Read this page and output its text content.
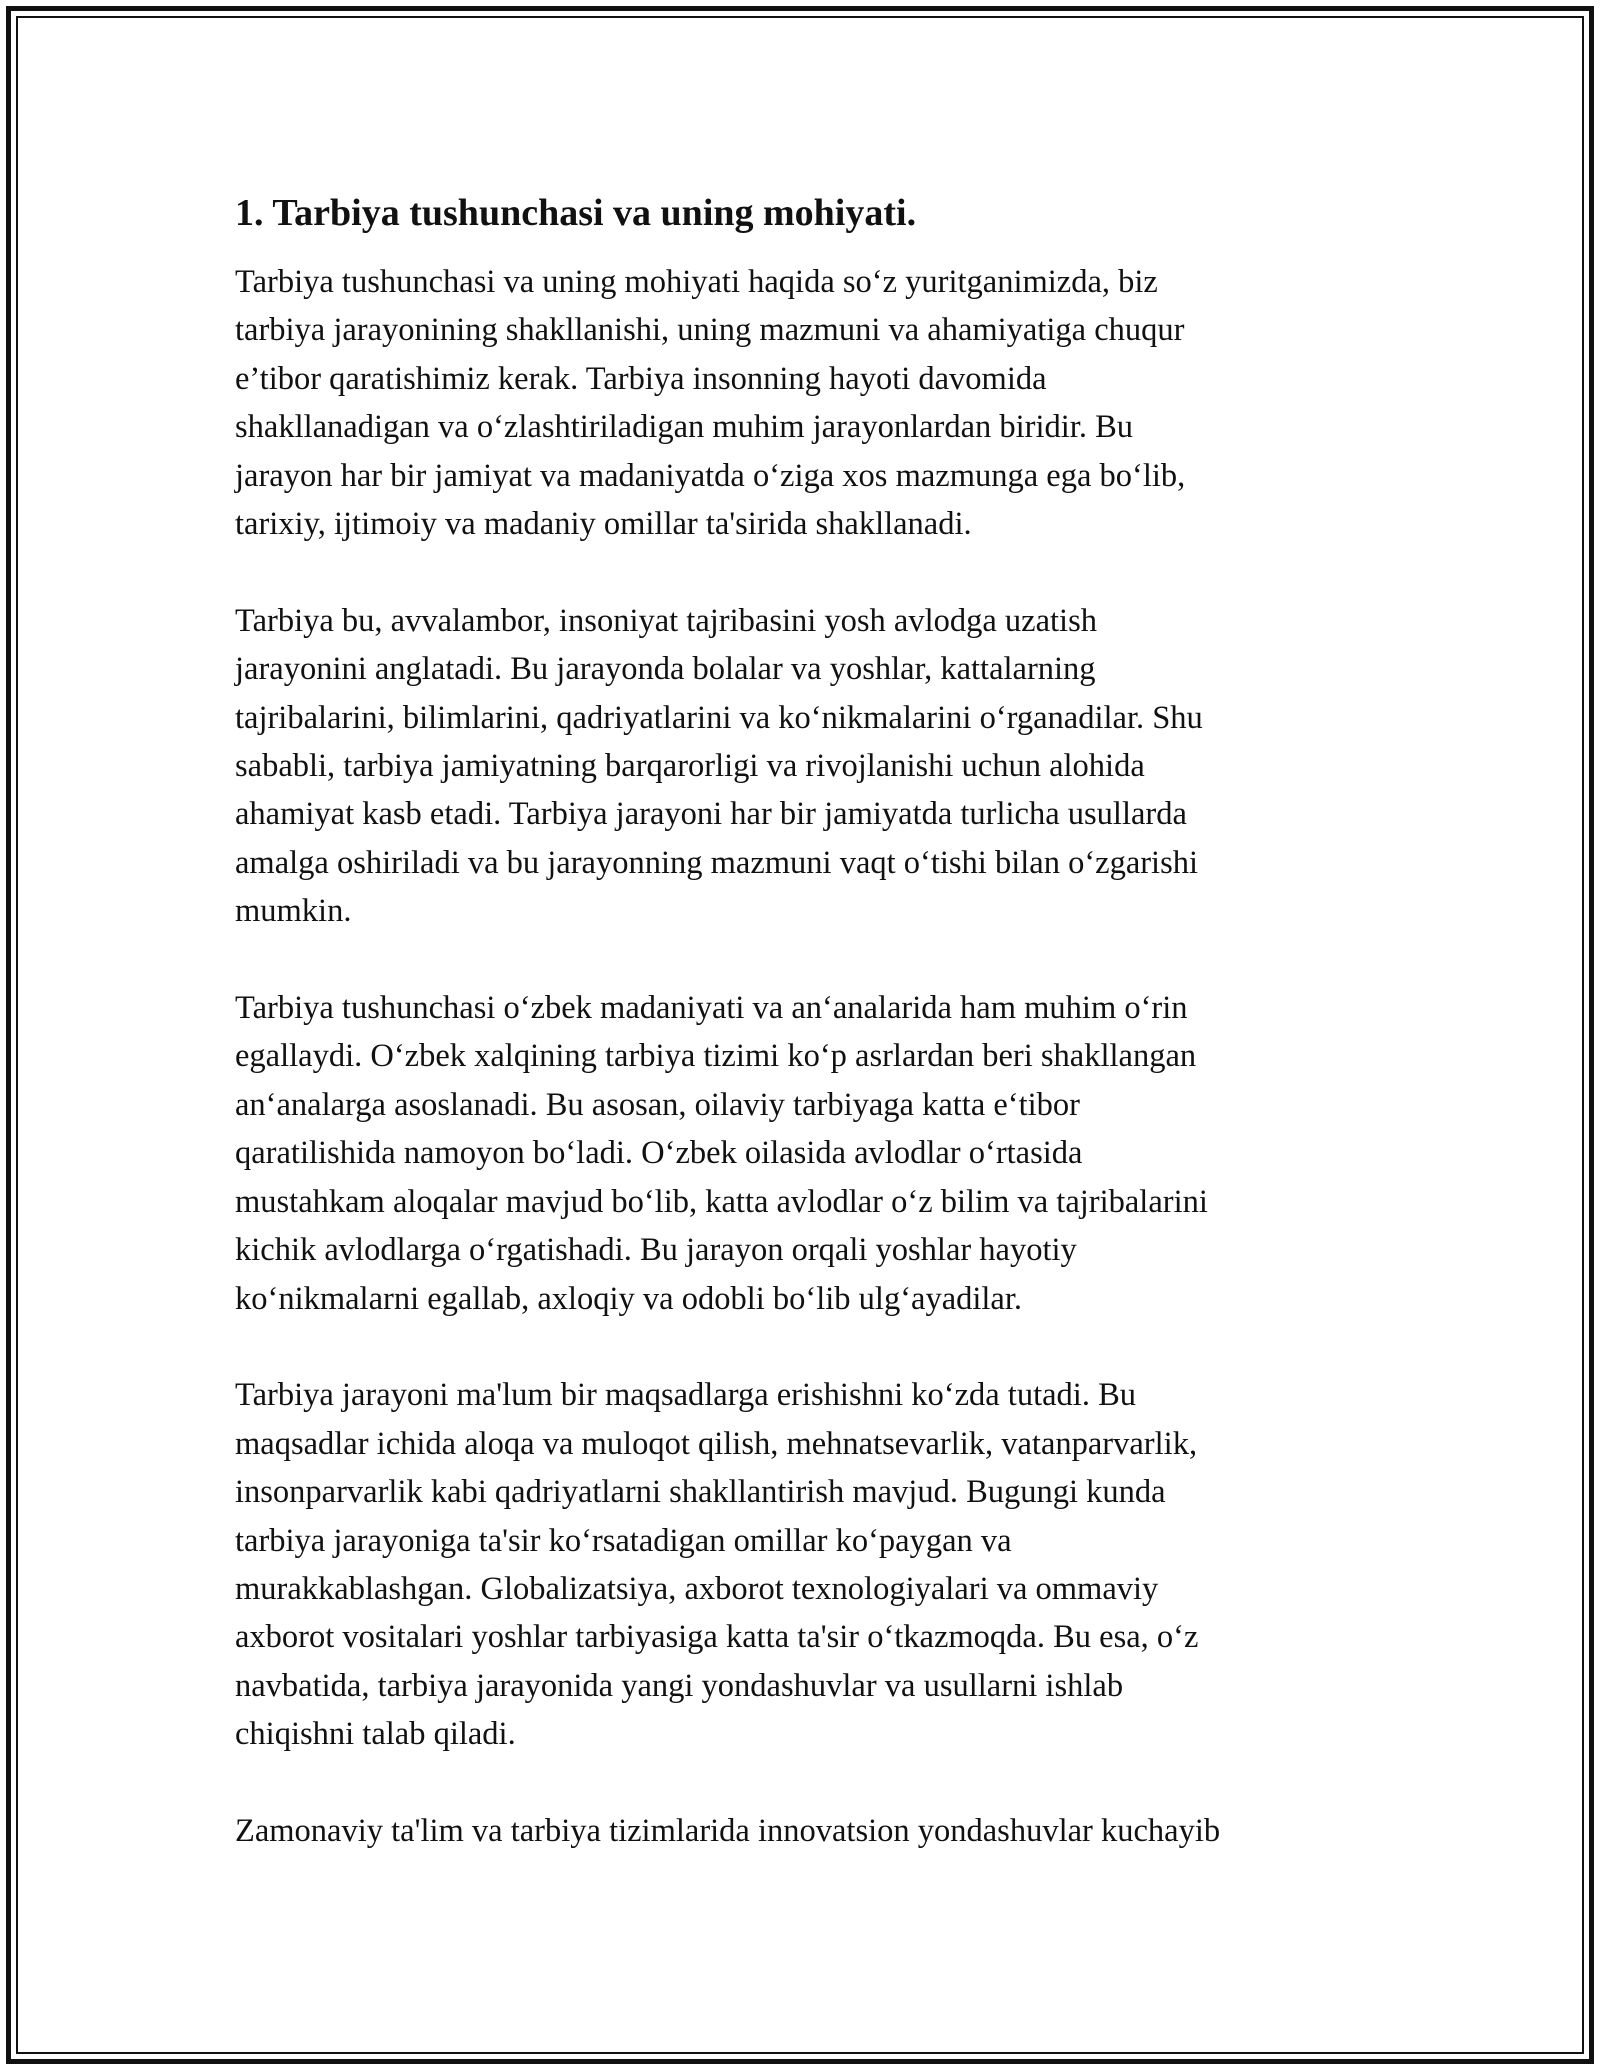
1. Tarbiya tushunchasi va uning mohiyati.

Tarbiya tushunchasi va uning mohiyati haqida so‘z yuritganimizda, biz
tarbiya jarayonining shakllanishi, uning mazmuni va ahamiyatiga chuqur
e’tibor qaratishimiz kerak. Tarbiya insonning hayoti davomida
shakllanadigan va o‘zlashtiriladigan muhim jarayonlardan biridir. Bu
jarayon har bir jamiyat va madaniyatda o‘ziga xos mazmunga ega bo‘lib,
tarixiy, ijtimoiy va madaniy omillar ta'sirida shakllanadi.

Tarbiya bu, avvalambor, insoniyat tajribasini yosh avlodga uzatish
jarayonini anglatadi. Bu jarayonda bolalar va yoshlar, kattalarning
tajribalarini, bilimlarini, qadriyatlarini va ko‘nikmalarini o‘rganadilar. Shu
sababli, tarbiya jamiyatning barqarorligi va rivojlanishi uchun alohida
ahamiyat kasb etadi. Tarbiya jarayoni har bir jamiyatda turlicha usullarda
amalga oshiriladi va bu jarayonning mazmuni vaqt o‘tishi bilan o‘zgarishi
mumkin.

Tarbiya tushunchasi o‘zbek madaniyati va an‘analarida ham muhim o‘rin
egallaydi. O‘zbek xalqining tarbiya tizimi ko‘p asrlardan beri shakllangan
an‘analarga asoslanadi. Bu asosan, oilaviy tarbiyaga katta e‘tibor
qaratilishida namoyon bo‘ladi. O‘zbek oilasida avlodlar o‘rtasida
mustahkam aloqalar mavjud bo‘lib, katta avlodlar o‘z bilim va tajribalarini
kichik avlodlarga o‘rgatishadi. Bu jarayon orqali yoshlar hayotiy
ko‘nikmalarni egallab, axloqiy va odobli bo‘lib ulg‘ayadilar.

Tarbiya jarayoni ma'lum bir maqsadlarga erishishni ko‘zda tutadi. Bu
maqsadlar ichida aloqa va muloqot qilish, mehnatsevarlik, vatanparvarlik,
insonparvarlik kabi qadriyatlarni shakllantirish mavjud. Bugungi kunda
tarbiya jarayoniga ta'sir ko‘rsatadigan omillar ko‘paygan va
murakkablashgan. Globalizatsiya, axborot texnologiyalari va ommaviy
axborot vositalari yoshlar tarbiyasiga katta ta'sir o‘tkazmoqda. Bu esa, o‘z
navbatida, tarbiya jarayonida yangi yondashuvlar va usullarni ishlab
chiqishni talab qiladi.

Zamonaviy ta'lim va tarbiya tizimlarida innovatsion yondashuvlar kuchayib
